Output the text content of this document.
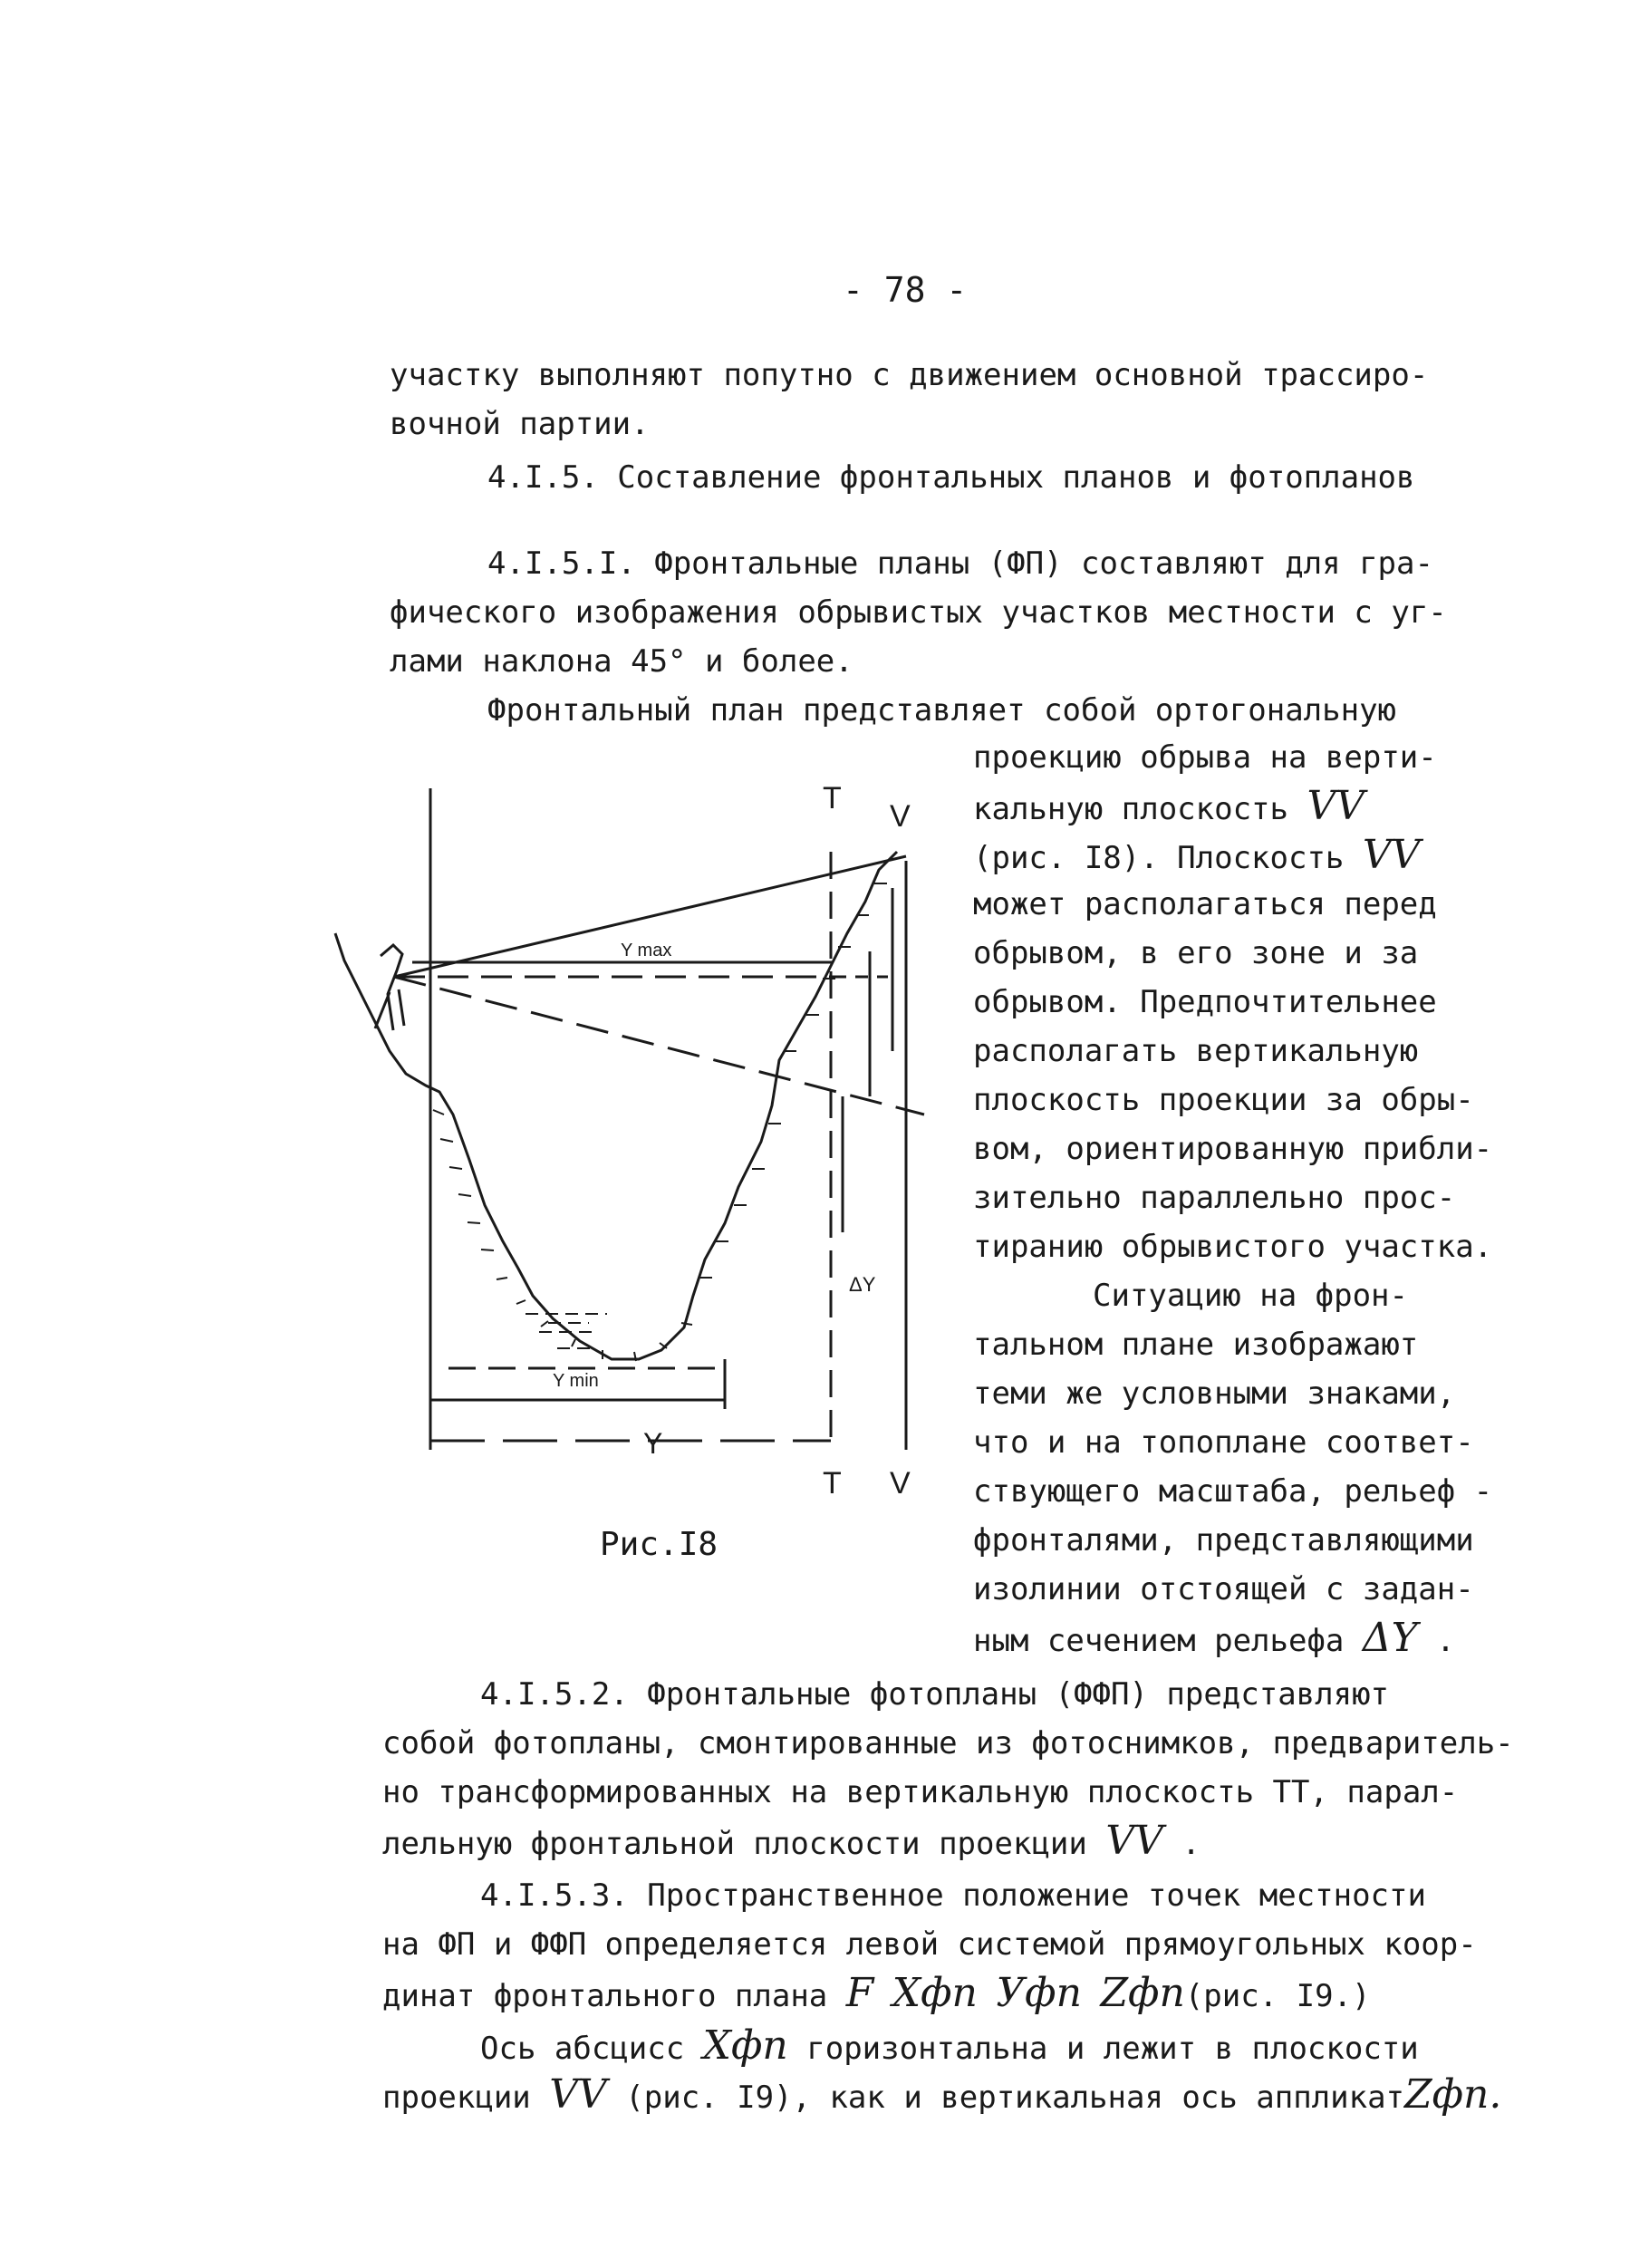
- 78 -

участку выполняют попутно с движением основной трассиро-

вочной партии.

4.I.5. Составление фронтальных планов и фотопланов

4.I.5.I. Фронтальные планы (ФП) составляют для гра-

фического изображения обрывистых участков местности с уг-

лами наклона 45° и более.

Фронтальный план представляет собой ортогональную

проекцию обрыва на верти-

кальную плоскость VV

(рис. I8). Плоскость VV

может располагаться перед

обрывом, в его зоне и за

обрывом. Предпочтительнее

располагать вертикальную

плоскость проекции за обры-

вом, ориентированную прибли-

зительно параллельно прос-

тиранию обрывистого участка.

Ситуацию на фрон-

тальном плане изображают

теми же условными знаками,

что и на топоплане соответ-

ствующего масштаба, рельеф -

фронталями, представляющими

изолинии отстоящей с задан-

ным сечением рельефа ΔY .

Рис.I8

4.I.5.2. Фронтальные фотопланы (ФФП) представляют

собой фотопланы, смонтированные из фотоснимков, предваритель-

но трансформированных на вертикальную плоскость ТТ, парал-

лельную фронтальной плоскости проекции VV .

4.I.5.3. Пространственное положение точек местности

на ФП и ФФП определяется левой системой прямоугольных коор-

динат фронтального плана F Xфп Уфп Zфп(рис. I9.)

Ось абсцисс Xфп горизонтальна и лежит в плоскости

проекции VV (рис. I9), как и вертикальная ось аппликатZфп.

T
V
T V
Y max
Y min
Y
ΔY
